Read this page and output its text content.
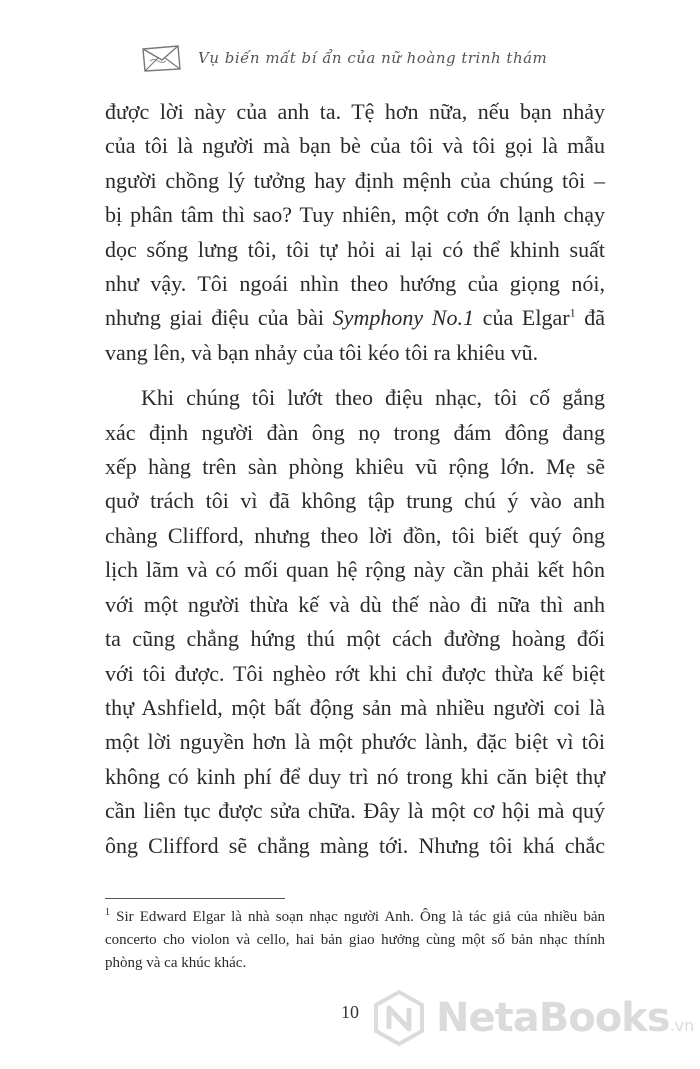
Vụ biến mất bí ẩn của nữ hoàng trinh thám

được lời này của anh ta. Tệ hơn nữa, nếu bạn nhảy

của tôi là người mà bạn bè của tôi và tôi gọi là mẫu

người chồng lý tưởng hay định mệnh của chúng tôi –

bị phân tâm thì sao? Tuy nhiên, một cơn ớn lạnh chạy

dọc sống lưng tôi, tôi tự hỏi ai lại có thể khinh suất

như vậy. Tôi ngoái nhìn theo hướng của giọng nói,

nhưng giai điệu của bài Symphony No.1 của Elgar$^1$ đã

vang lên, và bạn nhảy của tôi kéo tôi ra khiêu vũ.

Khi chúng tôi lướt theo điệu nhạc, tôi cố gắng

xác định người đàn ông nọ trong đám đông đang

xếp hàng trên sàn phòng khiêu vũ rộng lớn. Mẹ sẽ

quở trách tôi vì đã không tập trung chú ý vào anh

chàng Clifford, nhưng theo lời đồn, tôi biết quý ông

lịch lãm và có mối quan hệ rộng này cần phải kết hôn

với một người thừa kế và dù thế nào đi nữa thì anh

ta cũng chẳng hứng thú một cách đường hoàng đối

với tôi được. Tôi nghèo rớt khi chỉ được thừa kế biệt

thự Ashfield, một bất động sản mà nhiều người coi là

một lời nguyền hơn là một phước lành, đặc biệt vì tôi

không có kinh phí để duy trì nó trong khi căn biệt thự

cần liên tục được sửa chữa. Đây là một cơ hội mà quý

ông Clifford sẽ chẳng màng tới. Nhưng tôi khá chắc

$^1$ Sir Edward Elgar là nhà soạn nhạc người Anh. Ông là tác giả của nhiều bản concerto cho violon và cello, hai bản giao hưởng cùng một số bản nhạc thính phòng và ca khúc khác.
10 NetaBooks.vn
